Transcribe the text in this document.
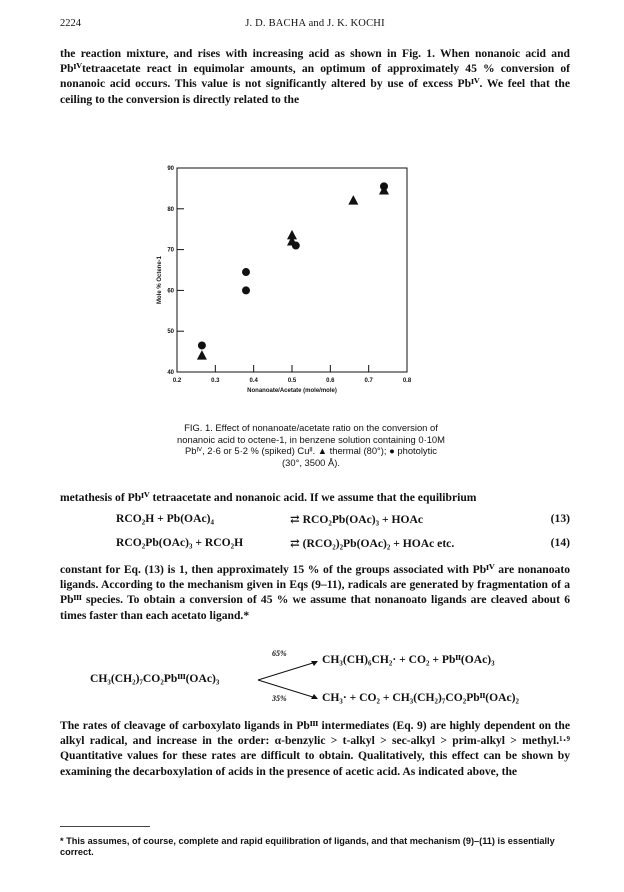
2224	J. D. BACHA and J. K. KOCHI

the reaction mixture, and rises with increasing acid as shown in Fig. 1. When nonanoic acid and Pbᴵⱽtetraacetate react in equimolar amounts, an optimum of approximately 45 % conversion of nonanoic acid occurs. This value is not significantly altered by use of excess Pbᴵⱽ. We feel that the ceiling to the conversion is directly related to the

0.2	0.3	0.4	0.5	0.6	0.7	0.8
40
50
60
70
80
90
Nonanoate/Acetate (mole/mole)
Mole % Octene-1
FIG. 1. Effect of nonanoate/acetate ratio on the conversion of
nonanoic acid to octene-1, in benzene solution containing 0·10M
Pbᴵⱽ, 2·6 or 5·2 % (spiked) Cuᴵᴵ. ▲ thermal (80°); ● photolytic
(30°, 3500 Å).

metathesis of Pbᴵⱽ tetraacetate and nonanoic acid. If we assume that the equilibrium

RCO₂H + Pb(OAc)₄	⇄ RCO₂Pb(OAc)₃ + HOAc	(13)
RCO₂Pb(OAc)₃ + RCO₂H	⇄ (RCO₂)₂Pb(OAc)₂ + HOAc etc.	(14)

constant for Eq. (13) is 1, then approximately 15 % of the groups associated with Pbᴵⱽ are nonanoato ligands. According to the mechanism given in Eqs (9–11), radicals are generated by fragmentation of a Pbᴵᴵᴵ species. To obtain a conversion of 45 % we assume that nonanoato ligands are cleaved about 6 times faster than each acetato ligand.*

CH₃(CH₂)₇CO₂Pbᴵᴵᴵ(OAc)₃
65%
35%
CH₃(CH)₆CH₂· + CO₂ + Pbᴵᴵ(OAc)₃
CH₃· + CO₂ + CH₃(CH₂)₇CO₂Pbᴵᴵ(OAc)₂

The rates of cleavage of carboxylato ligands in Pbᴵᴵᴵ intermediates (Eq. 9) are highly dependent on the alkyl radical, and increase in the order: α-benzylic > t-alkyl > sec-alkyl > prim-alkyl > methyl.¹·⁹ Quantitative values for these rates are difficult to obtain. Qualitatively, this effect can be shown by examining the decarboxylation of acids in the presence of acetic acid. As indicated above, the

* This assumes, of course, complete and rapid equilibration of ligands, and that mechanism (9)–(11) is essentially correct.
